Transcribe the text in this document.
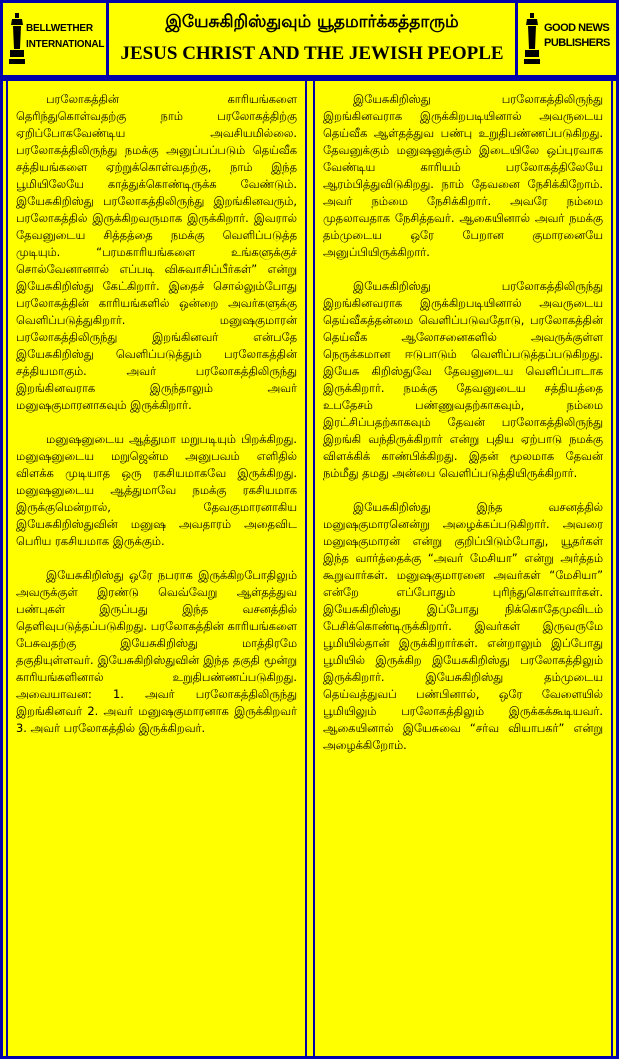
BELLWETHER
INTERNATIONAL
இயேசுகிறிஸ்துவும் யூதமார்க்கத்தாரும்
JESUS CHRIST AND THE JEWISH PEOPLE
GOOD NEWS
PUBLISHERS

பரலோகத்தின் காரியங்களை தெரிந்துகொள்வதற்கு நாம் பரலோகத்திற்கு ஏறிப்போகவேண்டிய அவசியமில்லை. பரலோகத்திலிருந்து நமக்கு அனுப்பப்படும் தெய்வீக சத்தியங்களை ஏற்றுக்கொள்வதற்கு, நாம் இந்த பூமியிலேயே காத்துக்கொண்டிருக்க வேண்டும். இயேசுகிறிஸ்து பரலோகத்திலிருந்து இறங்கினவரும், பரலோகத்தில் இருக்கிறவருமாக இருக்கிறார். இவரால் தேவனுடைய சித்தத்தை நமக்கு வெளிப்படுத்த முடியும். “பரமகாரியங்களை உங்களுக்குச் சொல்வேனானால் எப்படி விசுவாசிப்பீர்கள்” என்று இயேசுகிறிஸ்து கேட்கிறார். இதைச் சொல்லும்போது பரலோகத்தின் காரியங்களில் ஒன்றை அவர்களுக்கு வெளிப்படுத்துகிறார். மனுஷகுமாரன் பரலோகத்திலிருந்து இறங்கினவர் என்பதே இயேசுகிறிஸ்து வெளிப்படுத்தும் பரலோகத்தின் சத்தியமாகும். அவர் பரலோகத்திலிருந்து இறங்கினவராக இருந்தாலும் அவர் மனுஷகுமாரனாகவும் இருக்கிறார்.

மனுஷனுடைய ஆத்துமா மறுபடியும் பிறக்கிறது. மனுஷனுடைய மறுஜென்ம அனுபவம் எளிதில் விளக்க முடியாத ஒரு ரகசியமாகவே இருக்கிறது. மனுஷனுடைய ஆத்துமாவே நமக்கு ரகசியமாக இருக்குமென்றால், தேவகுமாரனாகிய இயேசுகிறிஸ்துவின் மனுஷ அவதாரம் அதைவிட பெரிய ரகசியமாக இருக்கும்.

இயேசுகிறிஸ்து ஒரே நபராக இருக்கிறபோதிலும் அவருக்குள் இரண்டு வெவ்வேறு ஆள்தத்துவ பண்புகள் இருப்பது இந்த வசனத்தில் தெளிவுபடுத்தப்படுகிறது. பரலோகத்தின் காரியங்களை பேசுவதற்கு இயேசுகிறிஸ்து மாத்திரமே தகுதியுள்ளவர். இயேசுகிறிஸ்துவின் இந்த தகுதி மூன்று காரியங்களினால் உறுதிபண்ணப்படுகிறது. அவையாவன: 1. அவர் பரலோகத்திலிருந்து இறங்கினவர் 2. அவர் மனுஷகுமாரனாக இருக்கிறவர் 3. அவர் பரலோகத்தில் இருக்கிறவர்.

இயேசுகிறிஸ்து பரலோகத்திலிருந்து இறங்கினவராக இருக்கிறபடியினால் அவருடைய தெய்வீக ஆள்தத்துவ பண்பு உறுதிபண்ணப்படுகிறது. தேவனுக்கும் மனுஷனுக்கும் இடையிலே ஒப்புரவாக வேண்டிய காரியம் பரலோகத்திலேயே ஆரம்பித்துவிடுகிறது. நாம் தேவனை நேசிக்கிறோம். அவர் நம்மை நேசிக்கிறார். அவரே நம்மை முதலாவதாக நேசித்தவர். ஆகையினால் அவர் நமக்கு தம்முடைய ஒரே பேறான குமாரனையே அனுப்பியிருக்கிறார்.

இயேசுகிறிஸ்து பரலோகத்திலிருந்து இறங்கினவராக இருக்கிறபடியினால் அவருடைய தெய்வீகத்தன்மை வெளிப்படுவதோடு, பரலோகத்தின் தெய்வீக ஆலோசனைகளில் அவருக்குள்ள நெருக்கமான ஈடுபாடும் வெளிப்படுத்தப்படுகிறது. இயேசு கிறிஸ்துவே தேவனுடைய வெளிப்பாடாக இருக்கிறார். நமக்கு தேவனுடைய சத்தியத்தை உபதேசம் பண்ணுவதற்காகவும், நம்மை இரட்சிப்பதற்காகவும் தேவன் பரலோகத்திலிருந்து இறங்கி வந்திருக்கிறார் என்று புதிய ஏற்பாடு நமக்கு விளக்கிக் காண்பிக்கிறது. இதன் மூலமாக தேவன் நம்மீது தமது அன்பை வெளிப்படுத்தியிருக்கிறார்.

இயேசுகிறிஸ்து இந்த வசனத்தில் மனுஷகுமாரனென்று அழைக்கப்படுகிறார். அவரை மனுஷகுமாரன் என்று குறிப்பிடும்போது, யூதர்கள் இந்த வார்த்தைக்கு “அவர் மேசியா” என்று அர்த்தம் கூறுவார்கள். மனுஷகுமாரனை அவர்கள் “மேசியா” என்றே எப்போதும் புரிந்துகொள்வார்கள். இயேசுகிறிஸ்து இப்போது நிக்கொதேமுவிடம் பேசிக்கொண்டிருக்கிறார். இவர்கள் இருவருமே பூமியில்தான் இருக்கிறார்கள். என்றாலும் இப்போது பூமியில் இருக்கிற இயேசுகிறிஸ்து பரலோகத்திலும் இருக்கிறார். இயேசுகிறிஸ்து தம்முடைய தெய்வத்துவப் பண்பினால், ஒரே வேளையில் பூமியிலும் பரலோகத்திலும் இருக்கக்கூடியவர். ஆகையினால் இயேசுவை “சர்வ வியாபகர்” என்று அழைக்கிறோம்.
